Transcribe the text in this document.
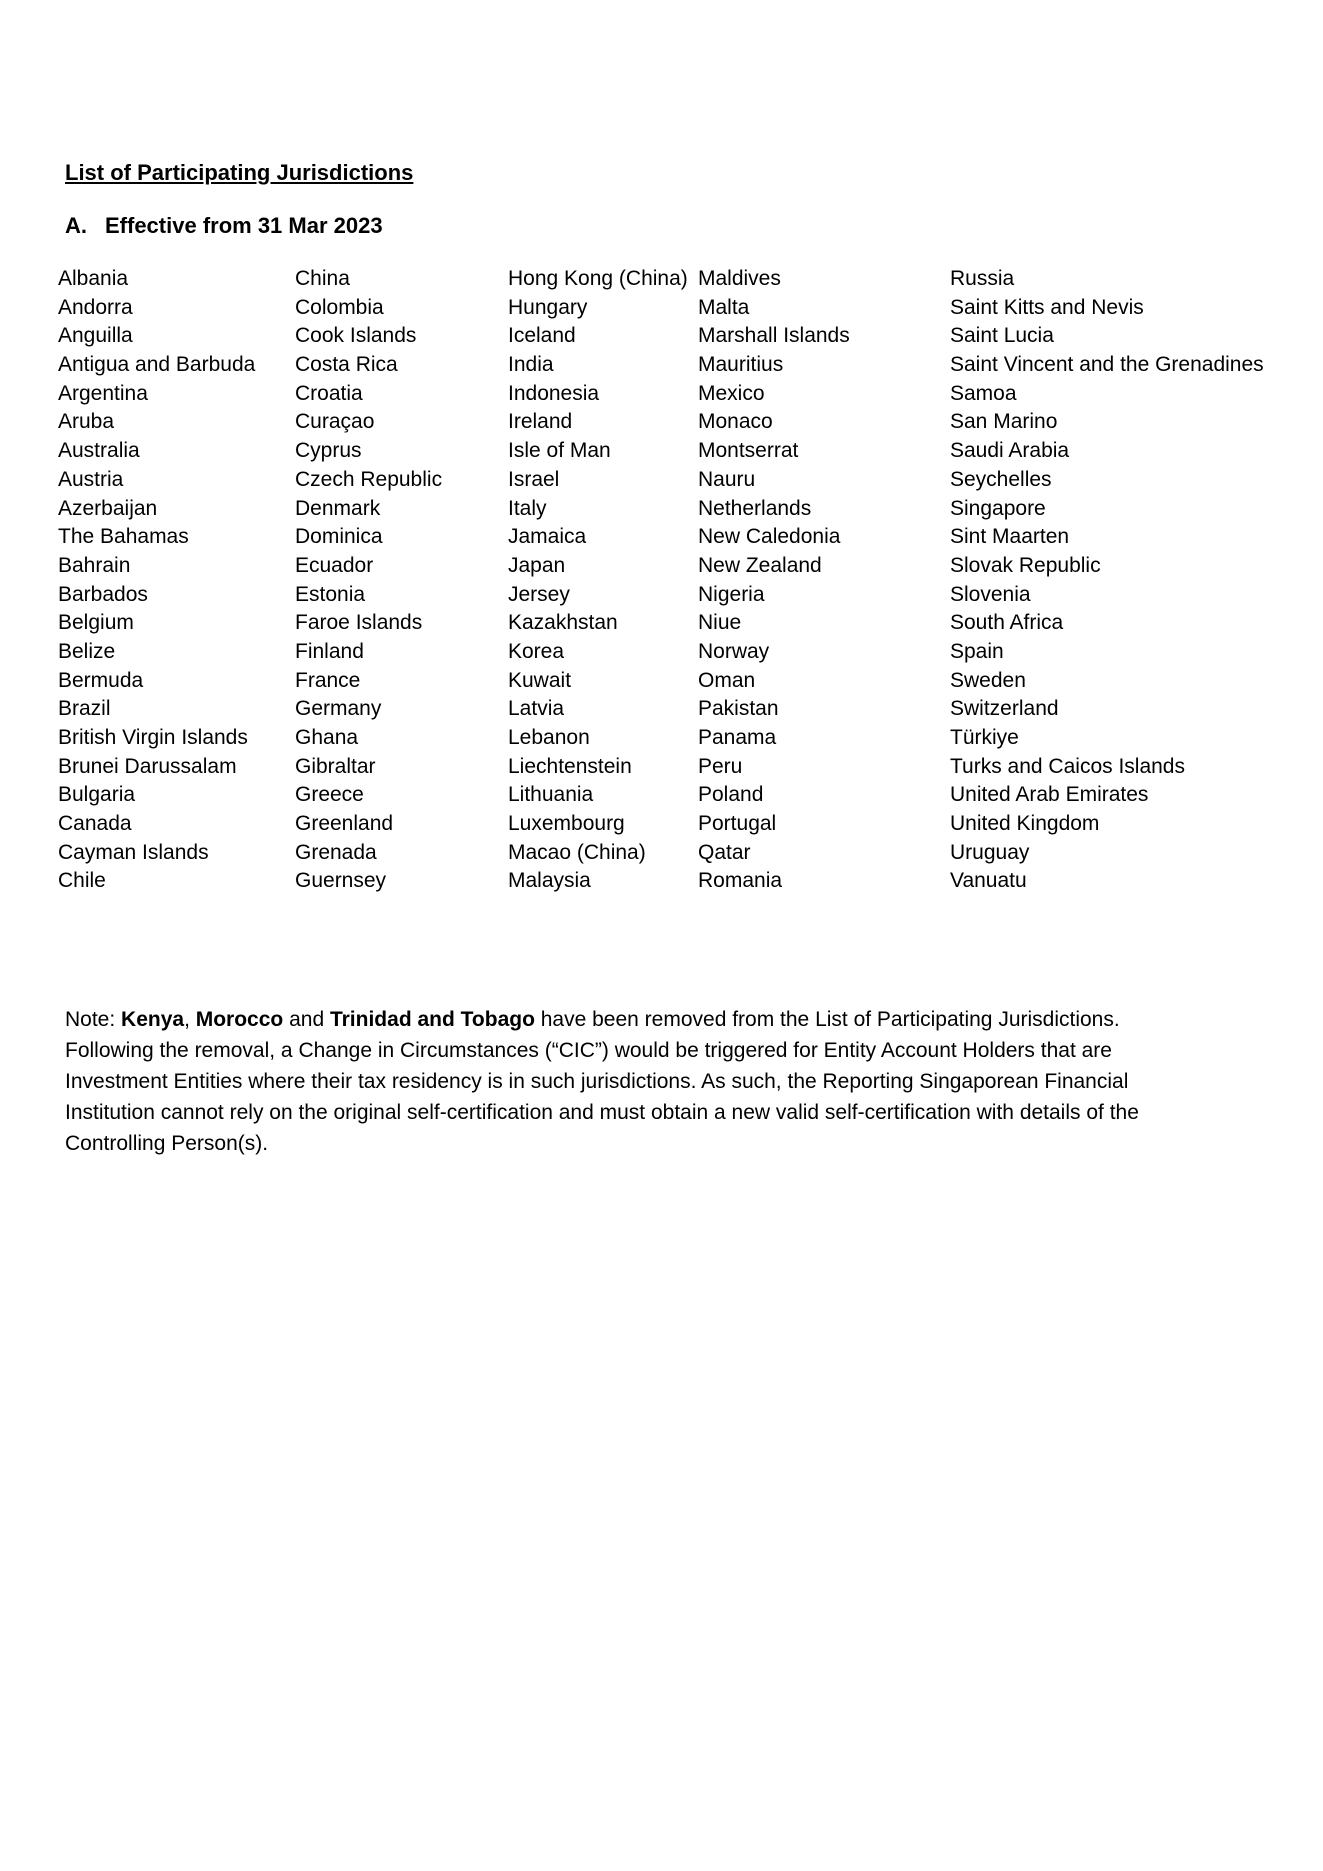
List of Participating Jurisdictions
A. Effective from 31 Mar 2023
Albania
Andorra
Anguilla
Antigua and Barbuda
Argentina
Aruba
Australia
Austria
Azerbaijan
The Bahamas
Bahrain
Barbados
Belgium
Belize
Bermuda
Brazil
British Virgin Islands
Brunei Darussalam
Bulgaria
Canada
Cayman Islands
Chile
China
Colombia
Cook Islands
Costa Rica
Croatia
Curaçao
Cyprus
Czech Republic
Denmark
Dominica
Ecuador
Estonia
Faroe Islands
Finland
France
Germany
Ghana
Gibraltar
Greece
Greenland
Grenada
Guernsey
Hong Kong (China)
Hungary
Iceland
India
Indonesia
Ireland
Isle of Man
Israel
Italy
Jamaica
Japan
Jersey
Kazakhstan
Korea
Kuwait
Latvia
Lebanon
Liechtenstein
Lithuania
Luxembourg
Macao (China)
Malaysia
Maldives
Malta
Marshall Islands
Mauritius
Mexico
Monaco
Montserrat
Nauru
Netherlands
New Caledonia
New Zealand
Nigeria
Niue
Norway
Oman
Pakistan
Panama
Peru
Poland
Portugal
Qatar
Romania
Russia
Saint Kitts and Nevis
Saint Lucia
Saint Vincent and the Grenadines
Samoa
San Marino
Saudi Arabia
Seychelles
Singapore
Sint Maarten
Slovak Republic
Slovenia
South Africa
Spain
Sweden
Switzerland
Türkiye
Turks and Caicos Islands
United Arab Emirates
United Kingdom
Uruguay
Vanuatu

Note: Kenya, Morocco and Trinidad and Tobago have been removed from the List of Participating Jurisdictions. Following the removal, a Change in Circumstances (“CIC”) would be triggered for Entity Account Holders that are Investment Entities where their tax residency is in such jurisdictions. As such, the Reporting Singaporean Financial Institution cannot rely on the original self-certification and must obtain a new valid self-certification with details of the Controlling Person(s).
